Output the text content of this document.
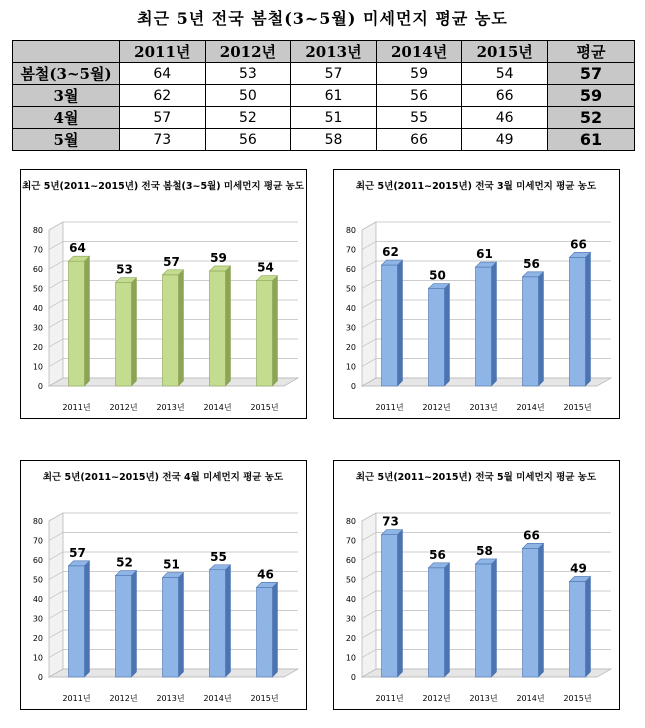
최근 5년 전국 봄철(3~5월) 미세먼지 평균 농도
	2011년	2012년	2013년	2014년	2015년	평균
봄철(3~5월)	64	53	57	59	54	57
3월	62	50	61	56	66	59
4월	57	52	51	55	46	52
5월	73	56	58	66	49	61
최근 5년(2011~2015년) 전국 봄철(3~5월) 미세먼지 평균 농도
0
10
20
30
40
50
60
70
80
64
2011년
53
2012년
57
2013년
59
2014년
54
2015년
최근 5년(2011~2015년) 전국 3월 미세먼지 평균 농도
0
10
20
30
40
50
60
70
80
62
2011년
50
2012년
61
2013년
56
2014년
66
2015년
최근 5년(2011~2015년) 전국 4월 미세먼지 평균 농도
0
10
20
30
40
50
60
70
80
57
2011년
52
2012년
51
2013년
55
2014년
46
2015년
최근 5년(2011~2015년) 전국 5월 미세먼지 평균 농도
0
10
20
30
40
50
60
70
80 73
2011년
56
2012년
58
2013년
66
2014년
49
2015년
